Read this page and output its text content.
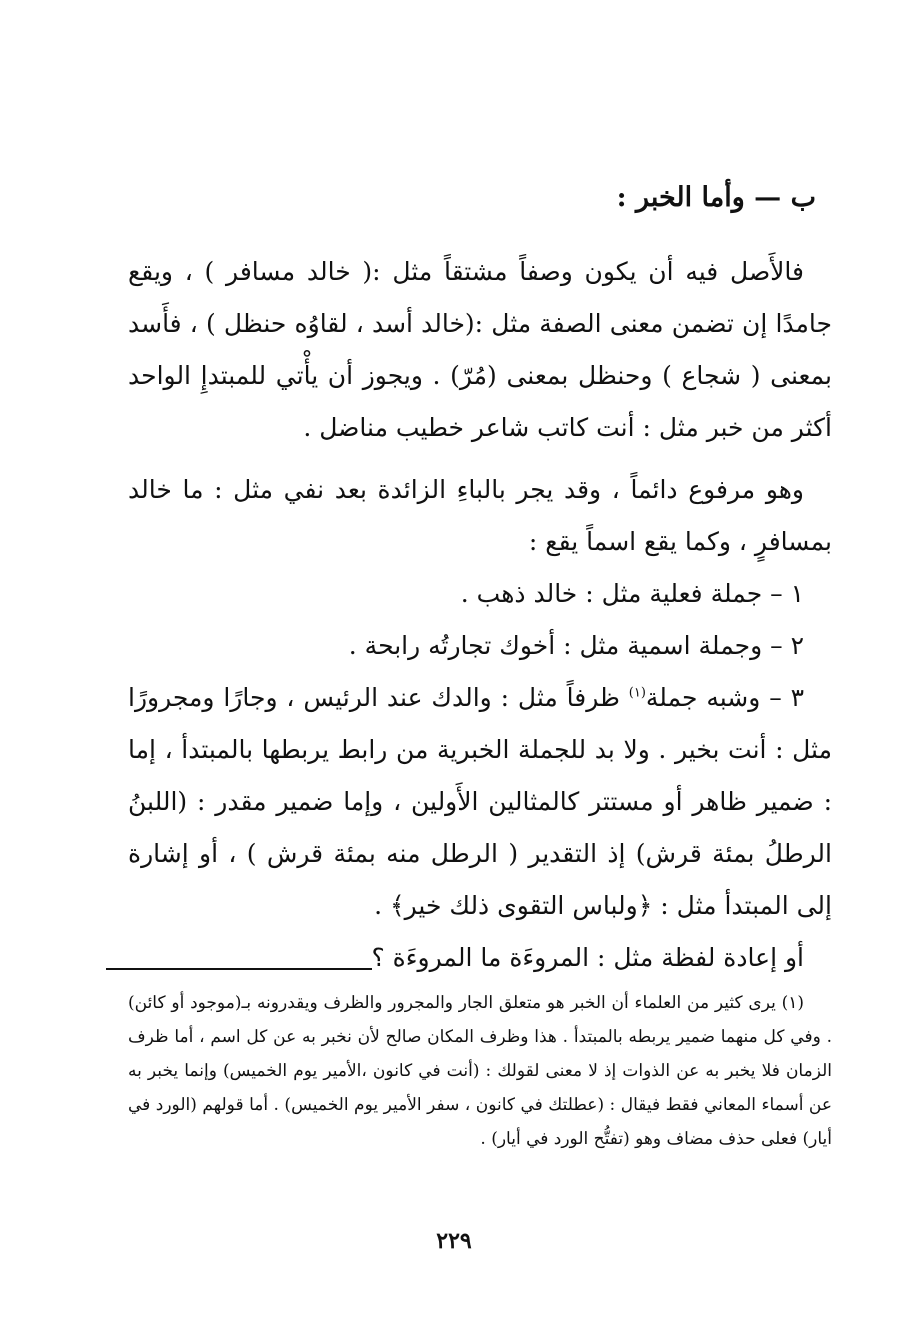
ب — وأما الخبر :

فالأَصل فيه أن يكون وصفاً مشتقاً مثل :( خالد مسافر ) ، ويقع جامدًا إن تضمن معنى الصفة مثل :(خالد أسد ، لقاوُه حنظل ) ، فأَسد بمعنى ( شجاع ) وحنظل بمعنى (مُرّ) . ويجوز أن يأْتي للمبتدإِ الواحد أكثر من خبر مثل : أنت كاتب شاعر خطيب مناضل .

وهو مرفوع دائماً ، وقد يجر بالباءِ الزائدة بعد نفي مثل : ما خالد بمسافرٍ ، وكما يقع اسماً يقع :

١ – جملة فعلية مثل : خالد ذهب .

٢ – وجملة اسمية مثل : أخوك تجارتُه رابحة .

٣ – وشبه جملة$^{(١)}$ ظرفاً مثل : والدك عند الرئيس ، وجارًا ومجرورًا مثل : أنت بخير . ولا بد للجملة الخبرية من رابط يربطها بالمبتدأ ، إما : ضمير ظاهر أو مستتر كالمثالين الأَولين ، وإما ضمير مقدر : (اللبنُ الرطلُ بمئة قرش) إذ التقدير ( الرطل منه بمئة قرش ) ، أو إشارة إلى المبتدأ مثل : ﴿ولباس التقوى ذلك خير﴾ .

أو إعادة لفظة مثل : المروءَة ما المروءَة ؟

(١) يرى كثير من العلماء أن الخبر هو متعلق الجار والمجرور والظرف ويقدرونه بـ(موجود أو كائن) . وفي كل منهما ضمير يربطه بالمبتدأ . هذا وظرف المكان صالح لأن نخبر به عن كل اسم ، أما ظرف الزمان فلا يخبر به عن الذوات إذ لا معنى لقولك : (أنت في كانون ،الأمير يوم الخميس) وإنما يخبر به عن أسماء المعاني فقط فيقال : (عطلتك في كانون ، سفر الأمير يوم الخميس) . أما قولهم (الورد في أيار) فعلى حذف مضاف وهو (تفتُّح الورد في أيار) .

٢٢٩
